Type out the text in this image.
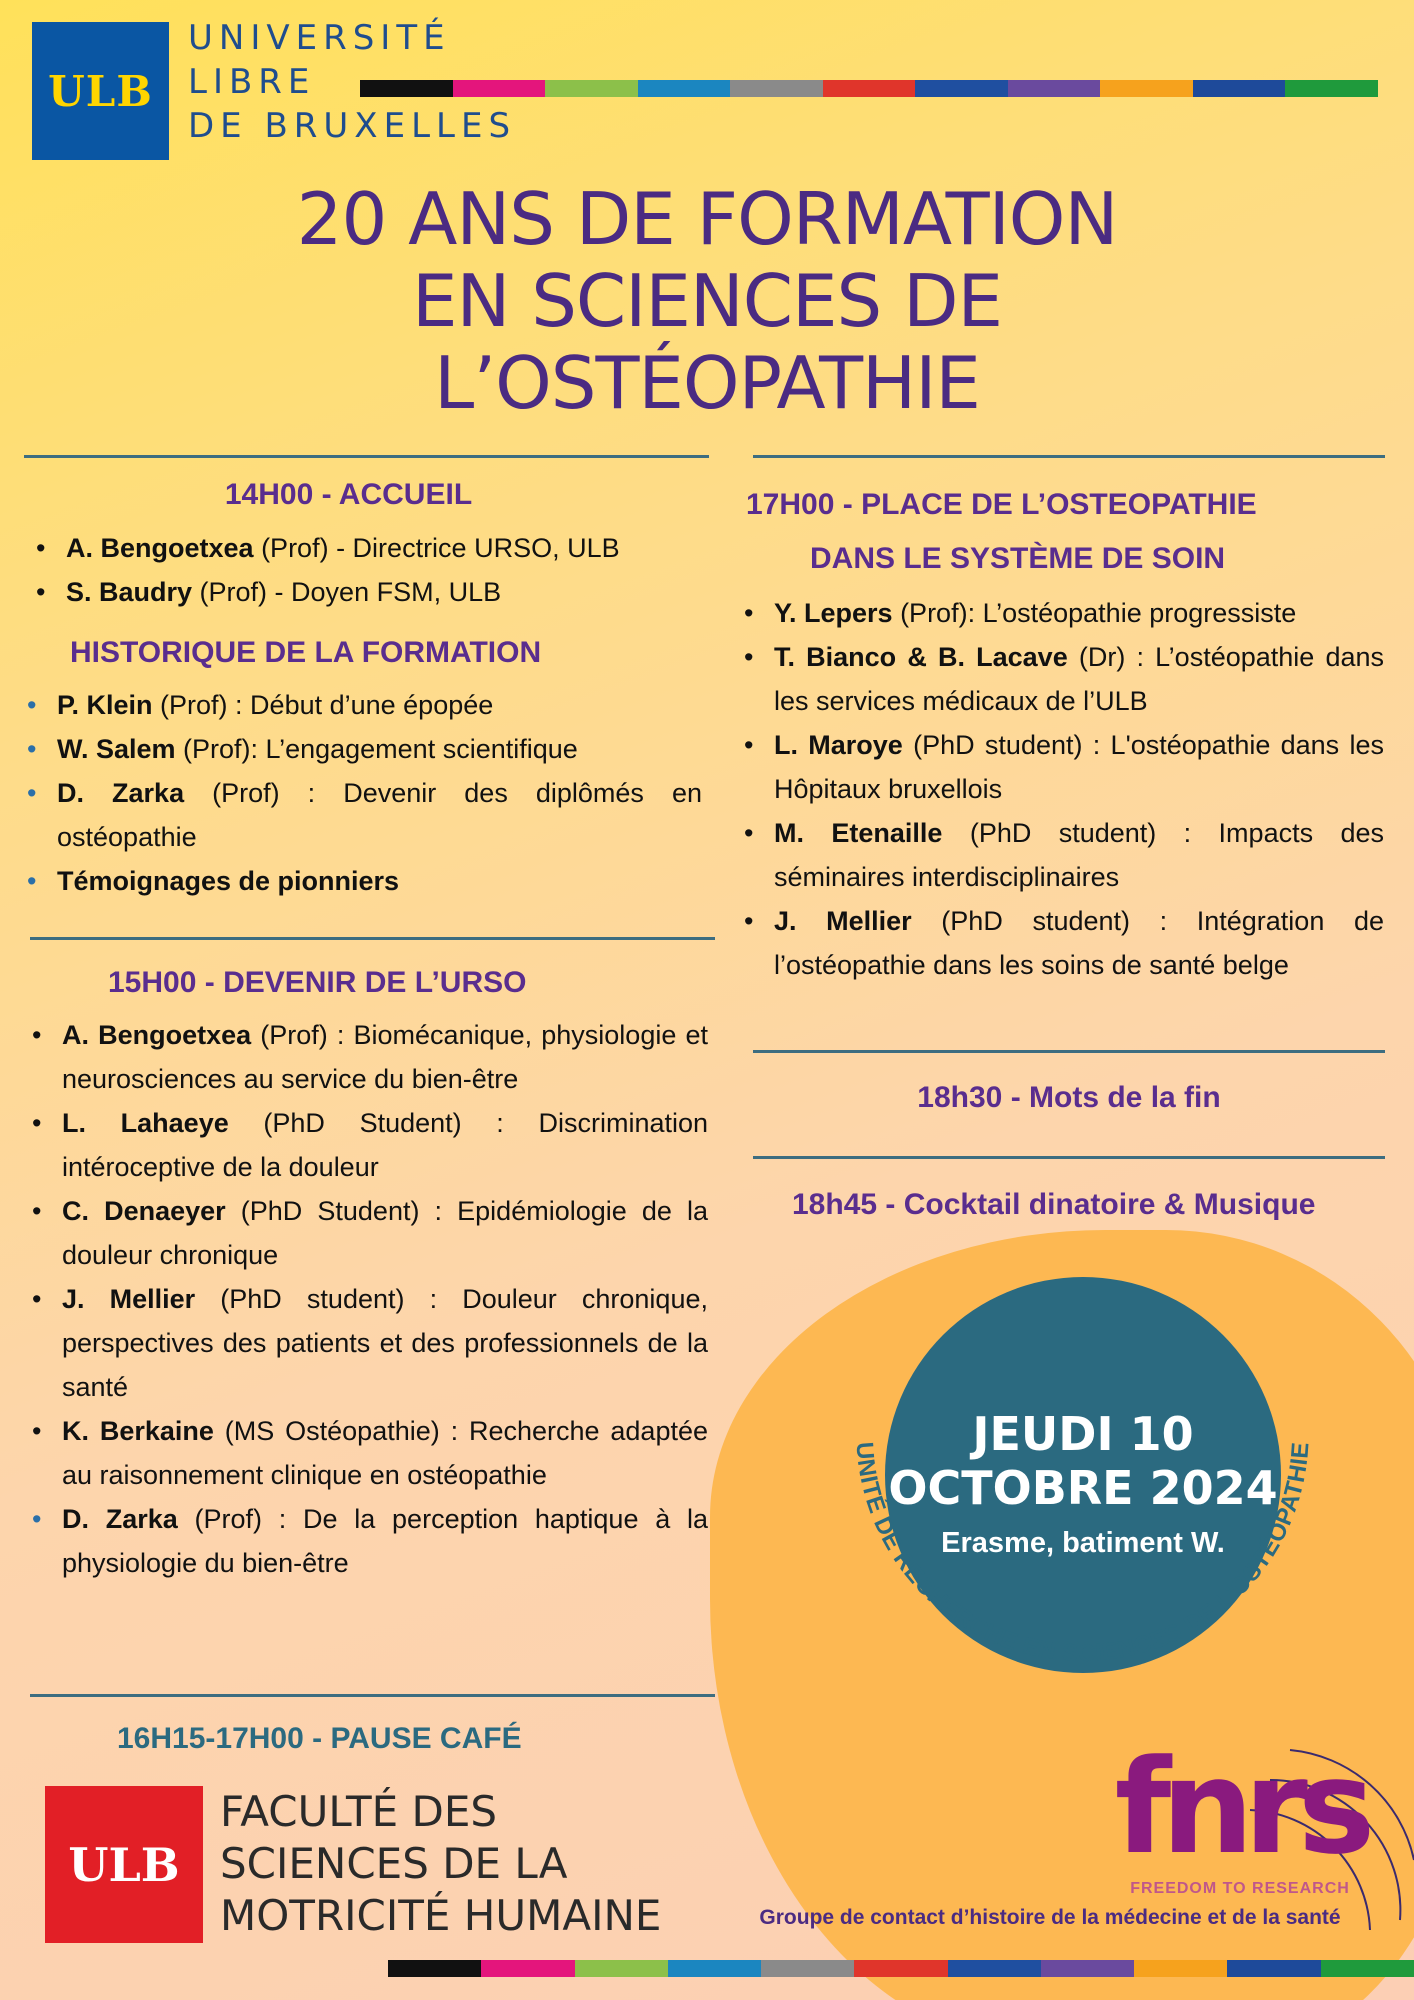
ULB
UNIVERSITÉ
LIBRE
DE BRUXELLES
20 ANS DE FORMATION
EN SCIENCES DE
L’OSTÉOPATHIE
14H00 - ACCUEIL
• A. Bengoetxea (Prof) - Directrice URSO, ULB
• S. Baudry (Prof) - Doyen FSM, ULB
HISTORIQUE DE LA FORMATION
• P. Klein (Prof) : Début d’une épopée
• W. Salem (Prof): L’engagement scientifique
• D. Zarka (Prof) : Devenir des diplômés en ostéopathie
• Témoignages de pionniers
15H00 - DEVENIR DE L’URSO
• A. Bengoetxea (Prof) : Biomécanique, physiologie et neurosciences au service du bien-être
• L. Lahaeye (PhD Student) : Discrimination intéroceptive de la douleur
• C. Denaeyer (PhD Student) : Epidémiologie de la douleur chronique
• J. Mellier (PhD student) : Douleur chronique, perspectives des patients et des professionnels de la santé
• K. Berkaine (MS Ostéopathie) : Recherche adaptée au raisonnement clinique en ostéopathie
• D. Zarka (Prof) : De la perception haptique à la physiologie du bien-être
16H15-17H00 - PAUSE CAFÉ
17H00 - PLACE DE L’OSTEOPATHIE
DANS LE SYSTÈME DE SOIN
• Y. Lepers (Prof): L’ostéopathie progressiste
• T. Bianco & B. Lacave (Dr) : L’ostéopathie dans les services médicaux de l’ULB
• L. Maroye (PhD student) : L'ostéopathie dans les Hôpitaux bruxellois
• M. Etenaille (PhD student) : Impacts des séminaires interdisciplinaires
• J. Mellier (PhD student) : Intégration de l’ostéopathie dans les soins de santé belge
18h30 - Mots de la fin
18h45 - Cocktail dinatoire & Musique
JEUDI 10
OCTOBRE 2024
Erasme, batiment W.
UNITÉ DE RECHERCHE EN SCIENCES DE L’OSTÉOPATHIE
ULB
FACULTÉ DES
SCIENCES DE LA
MOTRICITÉ HUMAINE
fnrs
FREEDOM TO RESEARCH
Groupe de contact d’histoire de la médecine et de la santé
